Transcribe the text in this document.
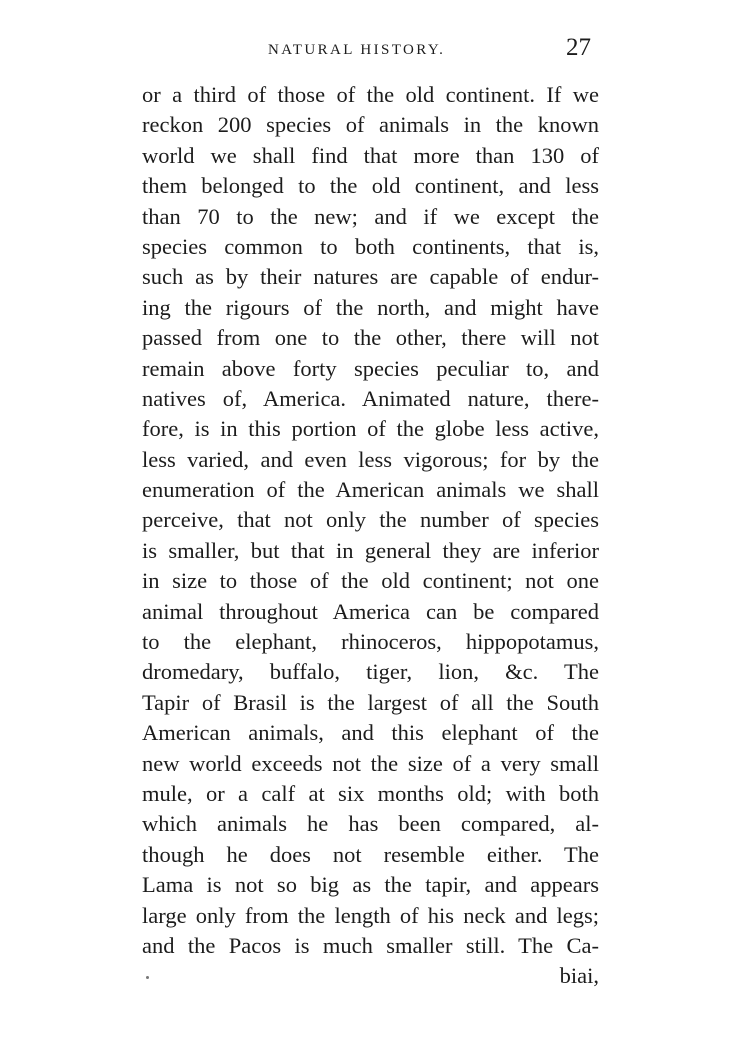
NATURAL HISTORY.	27
or a third of those of the old continent. If we
reckon 200 species of animals in the known
world we shall find that more than 130 of
them belonged to the old continent, and less
than 70 to the new; and if we except the
species common to both continents, that is,
such as by their natures are capable of endur-
ing the rigours of the north, and might have
passed from one to the other, there will not
remain above forty species peculiar to, and
natives of, America. Animated nature, there-
fore, is in this portion of the globe less active,
less varied, and even less vigorous; for by the
enumeration of the American animals we shall
perceive, that not only the number of species
is smaller, but that in general they are inferior
in size to those of the old continent; not one
animal throughout America can be compared
to the elephant, rhinoceros, hippopotamus,
dromedary, buffalo, tiger, lion, &c. The
Tapir of Brasil is the largest of all the South
American animals, and this elephant of the
new world exceeds not the size of a very small
mule, or a calf at six months old; with both
which animals he has been compared, al-
though he does not resemble either. The
Lama is not so big as the tapir, and appears
large only from the length of his neck and legs;
and the Pacos is much smaller still. The Ca-
biai,
